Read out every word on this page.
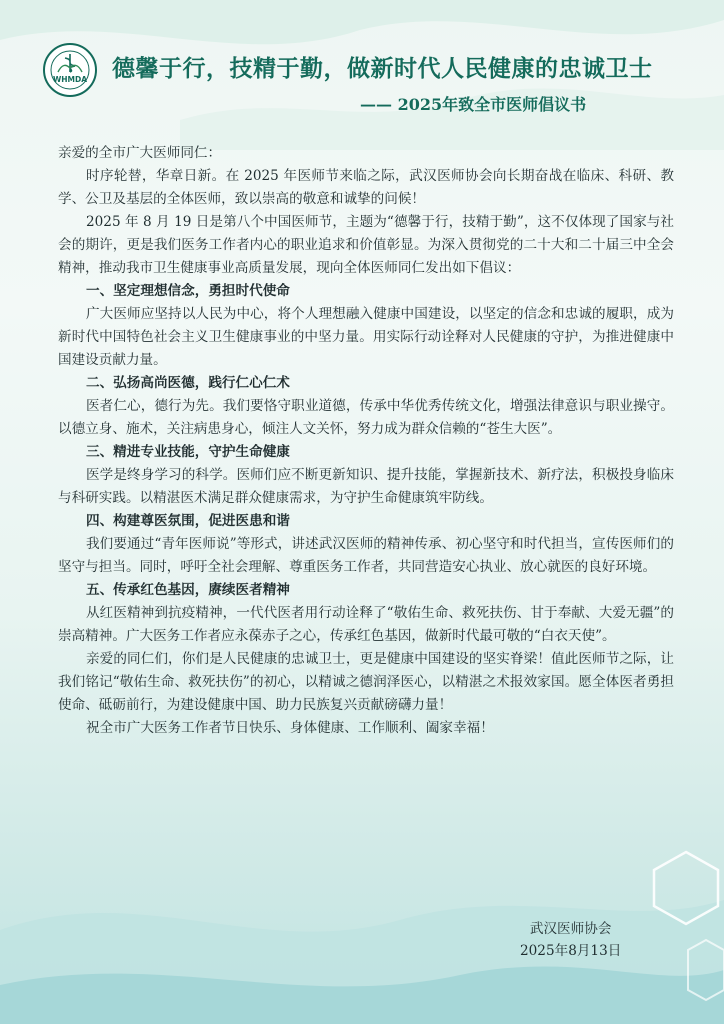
WHMDA 德馨于行，技精于勤，做新时代人民健康的忠诚卫士
—— 2025年致全市医师倡议书

亲爱的全市广大医师同仁：

时序轮替，华章日新。在 2025 年医师节来临之际，武汉医师协会向长期奋战在临床、科研、教学、公卫及基层的全体医师，致以崇高的敬意和诚挚的问候！

2025 年 8 月 19 日是第八个中国医师节，主题为“德馨于行，技精于勤”，这不仅体现了国家与社会的期许，更是我们医务工作者内心的职业追求和价值彰显。为深入贯彻党的二十大和二十届三中全会精神，推动我市卫生健康事业高质量发展，现向全体医师同仁发出如下倡议：

一、坚定理想信念，勇担时代使命

广大医师应坚持以人民为中心，将个人理想融入健康中国建设，以坚定的信念和忠诚的履职，成为新时代中国特色社会主义卫生健康事业的中坚力量。用实际行动诠释对人民健康的守护，为推进健康中国建设贡献力量。

二、弘扬高尚医德，践行仁心仁术

医者仁心，德行为先。我们要恪守职业道德，传承中华优秀传统文化，增强法律意识与职业操守。以德立身、施术，关注病患身心，倾注人文关怀，努力成为群众信赖的“苍生大医”。

三、精进专业技能，守护生命健康

医学是终身学习的科学。医师们应不断更新知识、提升技能，掌握新技术、新疗法，积极投身临床与科研实践。以精湛医术满足群众健康需求，为守护生命健康筑牢防线。

四、构建尊医氛围，促进医患和谐

我们要通过“青年医师说”等形式，讲述武汉医师的精神传承、初心坚守和时代担当，宣传医师们的坚守与担当。同时，呼吁全社会理解、尊重医务工作者，共同营造安心执业、放心就医的良好环境。

五、传承红色基因，赓续医者精神

从红医精神到抗疫精神，一代代医者用行动诠释了“敬佑生命、救死扶伤、甘于奉献、大爱无疆”的崇高精神。广大医务工作者应永葆赤子之心，传承红色基因，做新时代最可敬的“白衣天使”。

亲爱的同仁们，你们是人民健康的忠诚卫士，更是健康中国建设的坚实脊梁！值此医师节之际，让我们铭记“敬佑生命、救死扶伤”的初心，以精诚之德润泽医心，以精湛之术报效家国。愿全体医者勇担使命、砥砺前行，为建设健康中国、助力民族复兴贡献磅礴力量！

祝全市广大医务工作者节日快乐、身体健康、工作顺利、阖家幸福！

武汉医师协会
2025年8月13日
